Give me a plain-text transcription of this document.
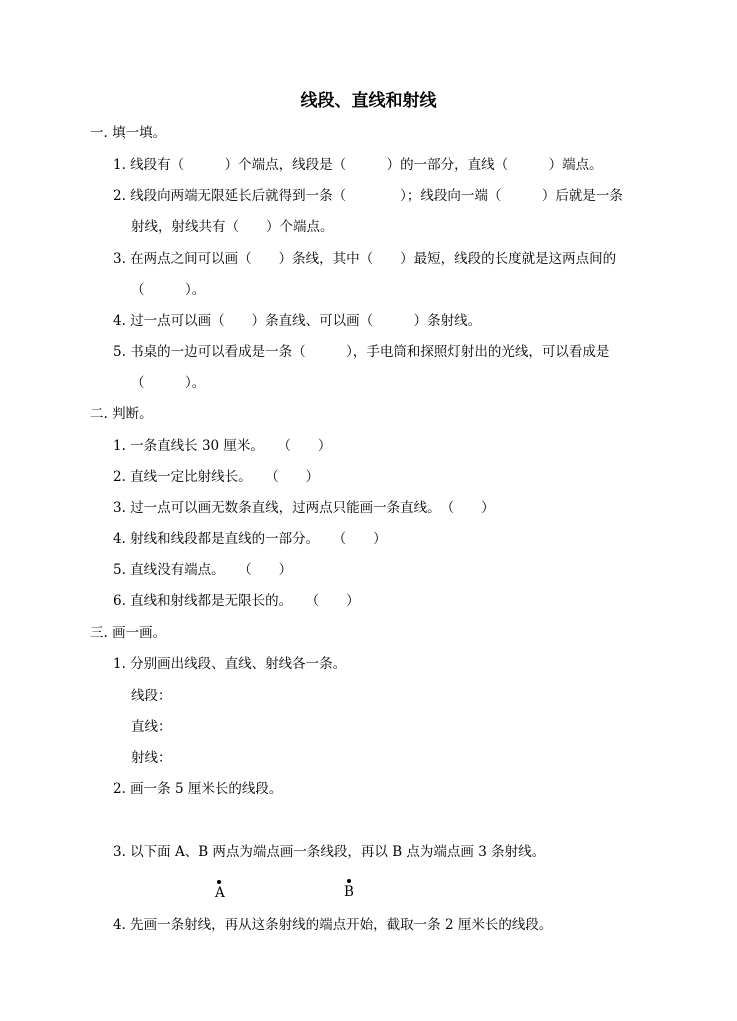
线段、直线和射线
一. 填一填。
1. 线段有（　　　）个端点，线段是（　　　）的一部分，直线（　　　）端点。
2. 线段向两端无限延长后就得到一条（　　　　）；线段向一端（　　　）后就是一条
射线，射线共有（　　）个端点。
3. 在两点之间可以画（　　）条线，其中（　　）最短，线段的长度就是这两点间的
（　　　）。
4. 过一点可以画（　　）条直线、可以画（　　　）条射线。
5. 书桌的一边可以看成是一条（　　　），手电筒和探照灯射出的光线，可以看成是
（　　　）。
二. 判断。
1. 一条直线长 30 厘米。　　（　　）
2. 直线一定比射线长。　　（　　）
3. 过一点可以画无数条直线，过两点只能画一条直线。　（　　）
4. 射线和线段都是直线的一部分。　　（　　）
5. 直线没有端点。　　（　　）
6. 直线和射线都是无限长的。　　（　　）
三. 画一画。
1. 分别画出线段、直线、射线各一条。
线段：
直线：
射线：
2. 画一条 5 厘米长的线段。
3. 以下面 A、B 两点为端点画一条线段，再以 B 点为端点画 3 条射线。
A	B
4. 先画一条射线，再从这条射线的端点开始，截取一条 2 厘米长的线段。
